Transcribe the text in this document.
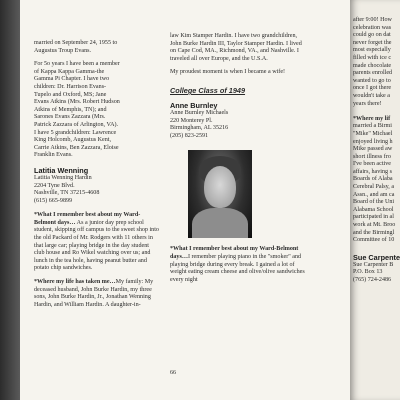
married on September 24, 1955 to
Augustus Troup Evans.

For 5o years I have been a member
of Kappa Kappa Gamma-the
Gamma Pi Chapter. I have two
children: Dr. Harrison Evans-
Tupelo and Oxford, MS; Jane
Evans Atkins (Mrs. Robert Hudson
Atkins of Memphis, TN); and
Sarones Evans Zazzara (Mrs.
Patrick Zazzara of Arlington, VA).
I have 5 grandchildren: Lawrence
King Holcomb, Augustus Kent,
Carrie Atkins, Ben Zazzara, Eloise
Franklin Evans.

Latitia Wenning
Latitia Wenning Hardin
2204 Tyne Blvd.
Nashville, TN 37215-4608
(615) 665-9899

*What I remember best about my Ward-Belmont days… As a junior day prep school student, skipping off campus to the sweet shop into the old Packard of Mr. Rodgers with 11 others in that large car; playing bridge in the day student club house and Ro Wikel watching over us; and lunch in the tea hole, having peanut butter and potato chip sandwiches.

*Where my life has taken me…My family: My deceased husband, John Burke Hardin, my three sons, John Burke Hardin, Jr., Jonathan Wenning Hardin, and William Hardin. A daughter-in-

law Kim Stamper Hardin. I have two grandchildren, John Burke Hardin III, Taylor Stamper Hardin. I lived on Cape Cod, MA., Richmond, VA., and Nashville. I traveled all over Europe, and the U.S.A.

My proudest moment is when I became a wife!

College Class of 1949
Anne Burnley
Anne Burnley Michaels
220 Monterey Pl.
Birmingham, AL 35216
(205) 823-2591

*What I remember best about my Ward-Belmont days…I remember playing piano in the "smoker" and playing bridge during every break. I gained a lot of weight eating cream cheese and olive/olive sandwiches every night

66
after 9:00! How
celebration was
could go on dat
never forget the
most especially
filled with ice c
made chocolate
parents enrolled
wanted to go to
once I got there
wouldn't take a
years there!
*Where my lif
married a Birmi
"Mike" Michael
enjoyed living h
Mike passed aw
short illness fro
I've been active
affairs, having s
Boards of Alaba
Cerebral Palsy, a
Assn., and am ca
Board of the Uni
Alabama School
participated in al
work at Mt. Broo
and the Birmingl
Committee of 10
Sue Carpente
Sue Carpenter B
P.O. Box 13
(765) 724-2486
